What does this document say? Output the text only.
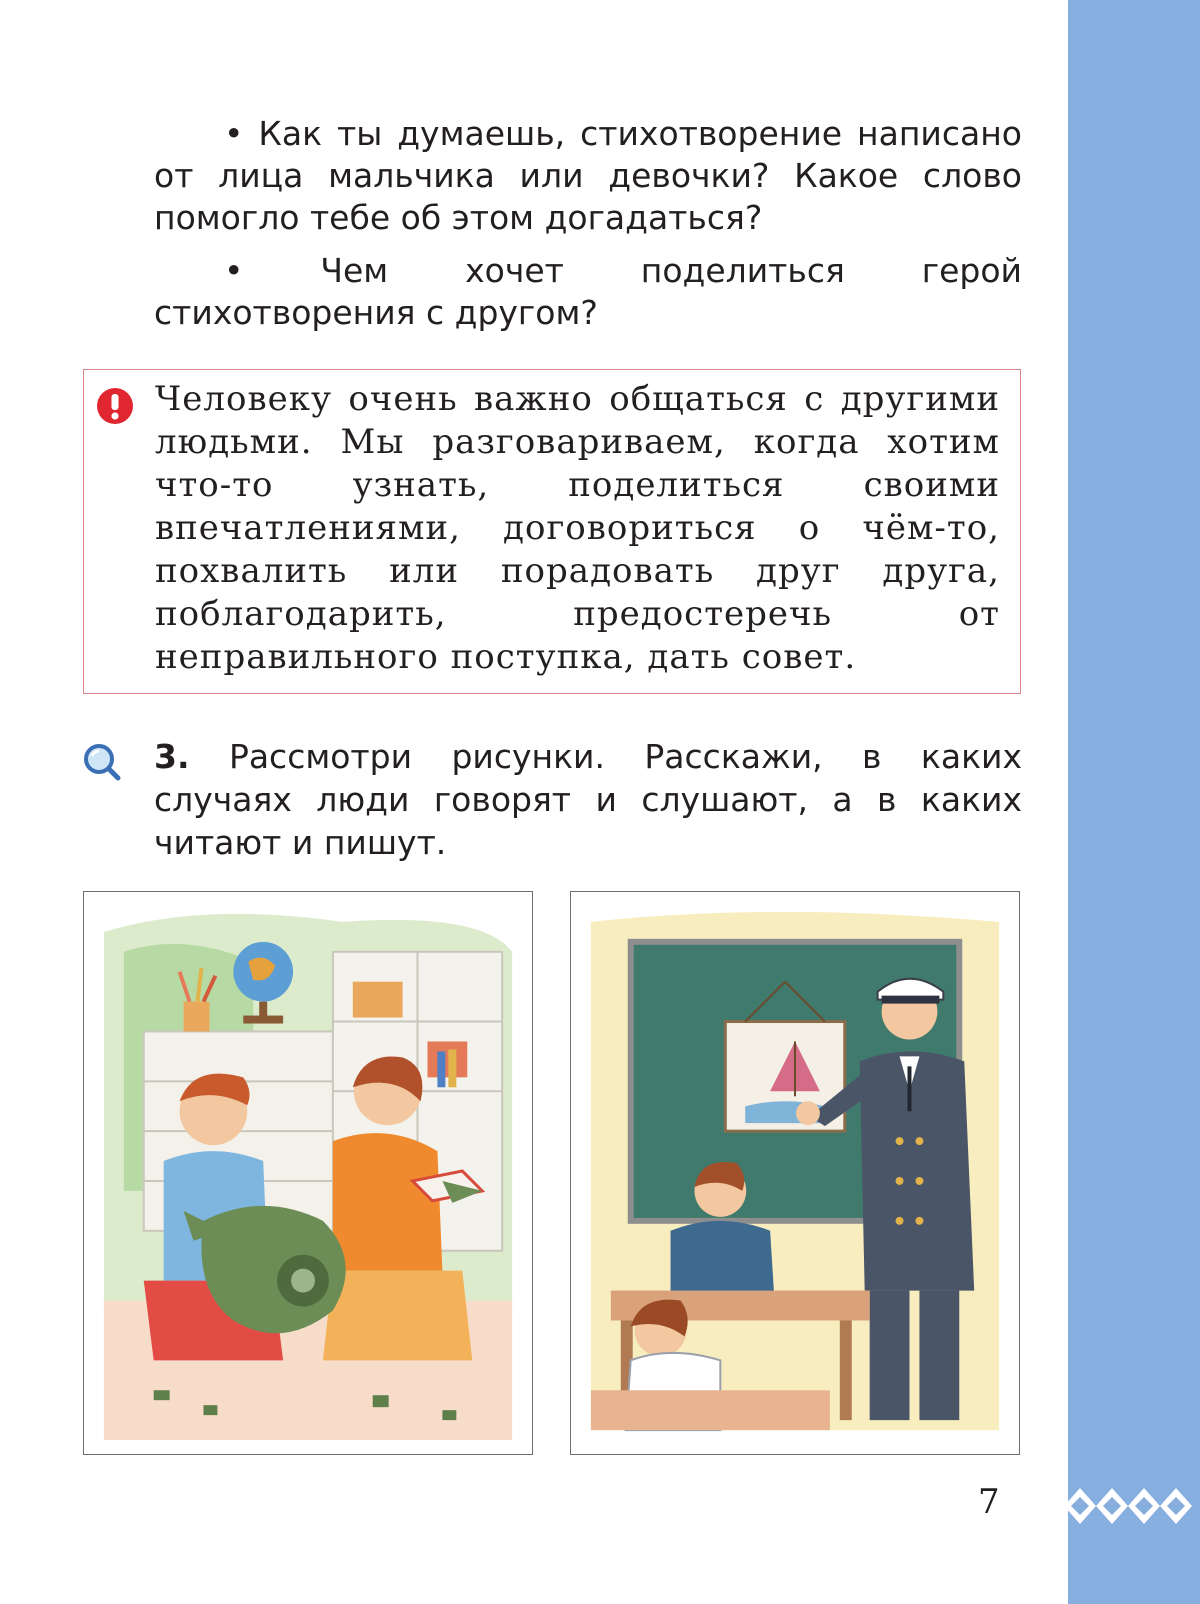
• Как ты думаешь, стихотворение написано от лица мальчика или девочки? Какое слово помогло тебе об этом догадаться?
• Чем хочет поделиться герой стихотворения с другом?
Человеку очень важно общаться с другими людьми. Мы разговариваем, когда хотим что-то узнать, поделиться своими впечатлениями, договориться о чём-то, похвалить или порадовать друг друга, поблагодарить, предостеречь от неправильного поступка, дать совет.
3. Рассмотри рисунки. Расскажи, в каких случаях люди говорят и слушают, а в каких читают и пишут.
7
